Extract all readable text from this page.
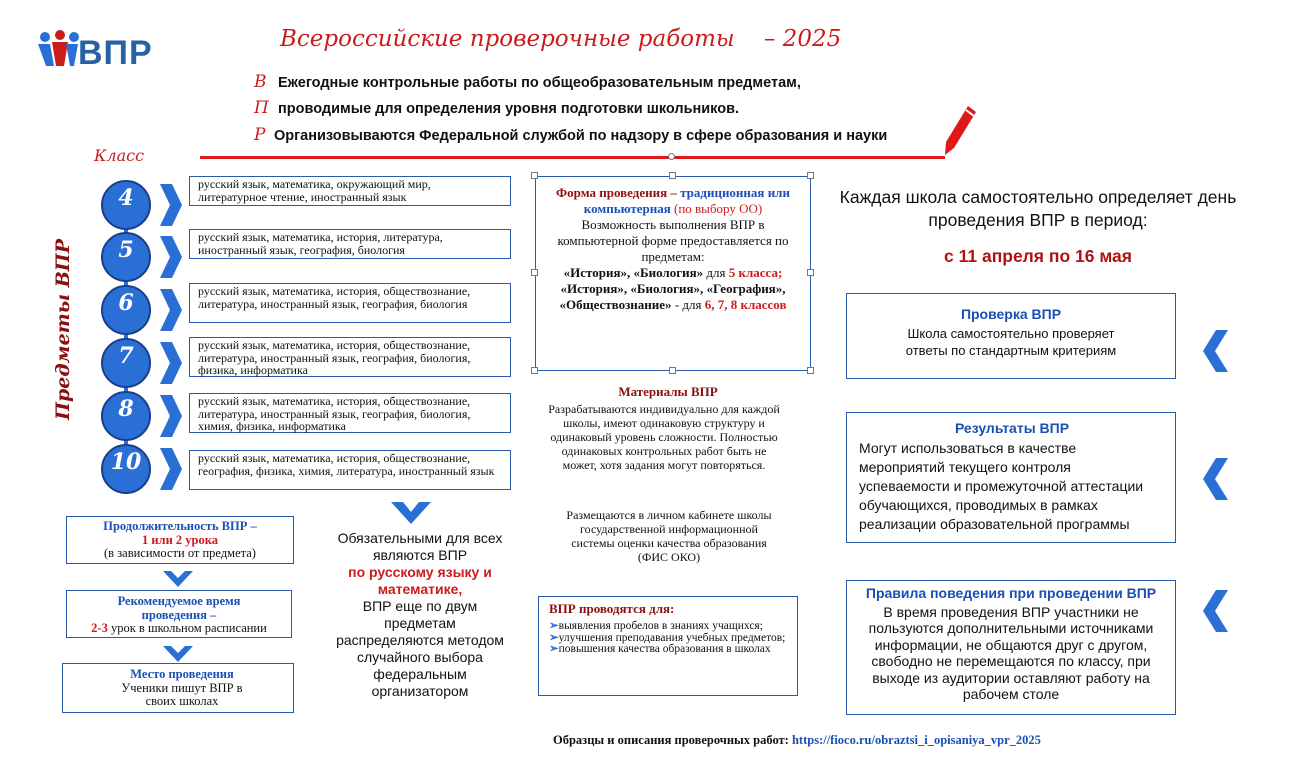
ВПР	Всероссийские проверочные работы    – 2025
В Ежегодные контрольные работы по общеобразовательным предметам,
П проводимые для определения уровня подготовки школьников.
Р Организовываются Федеральной службой по надзору в сфере образования и науки
Класс
Предметы ВПР
4
5
6
7
8
10
русский язык, математика, окружающий мир, литературное чтение, иностранный язык
русский язык, математика, история, литература, иностранный язык, география, биология
русский язык, математика, история, обществознание, литература, иностранный язык, география, биология
русский язык, математика, история, обществознание, литература, иностранный язык, география, биология, физика, информатика
русский язык, математика, история, обществознание, литература, иностранный язык, география, биология, химия, физика, информатика
русский язык, математика, история, обществознание, география, физика, химия, литература, иностранный язык
Продолжительность ВПР –
1 или 2 урока
(в зависимости от предмета)
Рекомендуемое время проведения –
2-3 урок в школьном расписании
Место проведения Ученики пишут ВПР в своих школах
Обязательными для всех являются ВПР
по русскому языку и математике,
ВПР еще по двум предметам распределяются методом случайного выбора федеральным организатором
Форма проведения – традиционная или компьютерная (по выбору ОО)
Возможность выполнения ВПР в компьютерной форме предоставляется по предметам:
«История», «Биология» для 5 класса;
«История», «Биология», «География», «Обществознание» - для 6, 7, 8 классов
Материалы ВПР
Разрабатываются индивидуально для каждой школы, имеют одинаковую структуру и одинаковый уровень сложности. Полностью одинаковых контрольных работ быть не может, хотя задания могут повторяться.
Размещаются в личном кабинете школы государственной информационной системы оценки качества образования (ФИС ОКО)
ВПР проводятся для:
➢выявления пробелов в знаниях учащихся;
➢улучшения преподавания учебных предметов;
➢повышения качества образования в школах
Образцы и описания проверочных работ: https://fioco.ru/obraztsi_i_opisaniya_vpr_2025
Каждая школа самостоятельно определяет день проведения ВПР в период:
с 11 апреля по 16 мая
Проверка ВПР
Школа самостоятельно проверяет ответы по стандартным критериям
Результаты ВПР
Могут использоваться в качестве мероприятий текущего контроля успеваемости и промежуточной аттестации обучающихся, проводимых в рамках реализации образовательной программы
Правила поведения при проведении ВПР
В время проведения ВПР участники не пользуются дополнительными источниками информации, не общаются друг с другом, свободно не перемещаются по классу, при выходе из аудитории оставляют работу на рабочем столе
